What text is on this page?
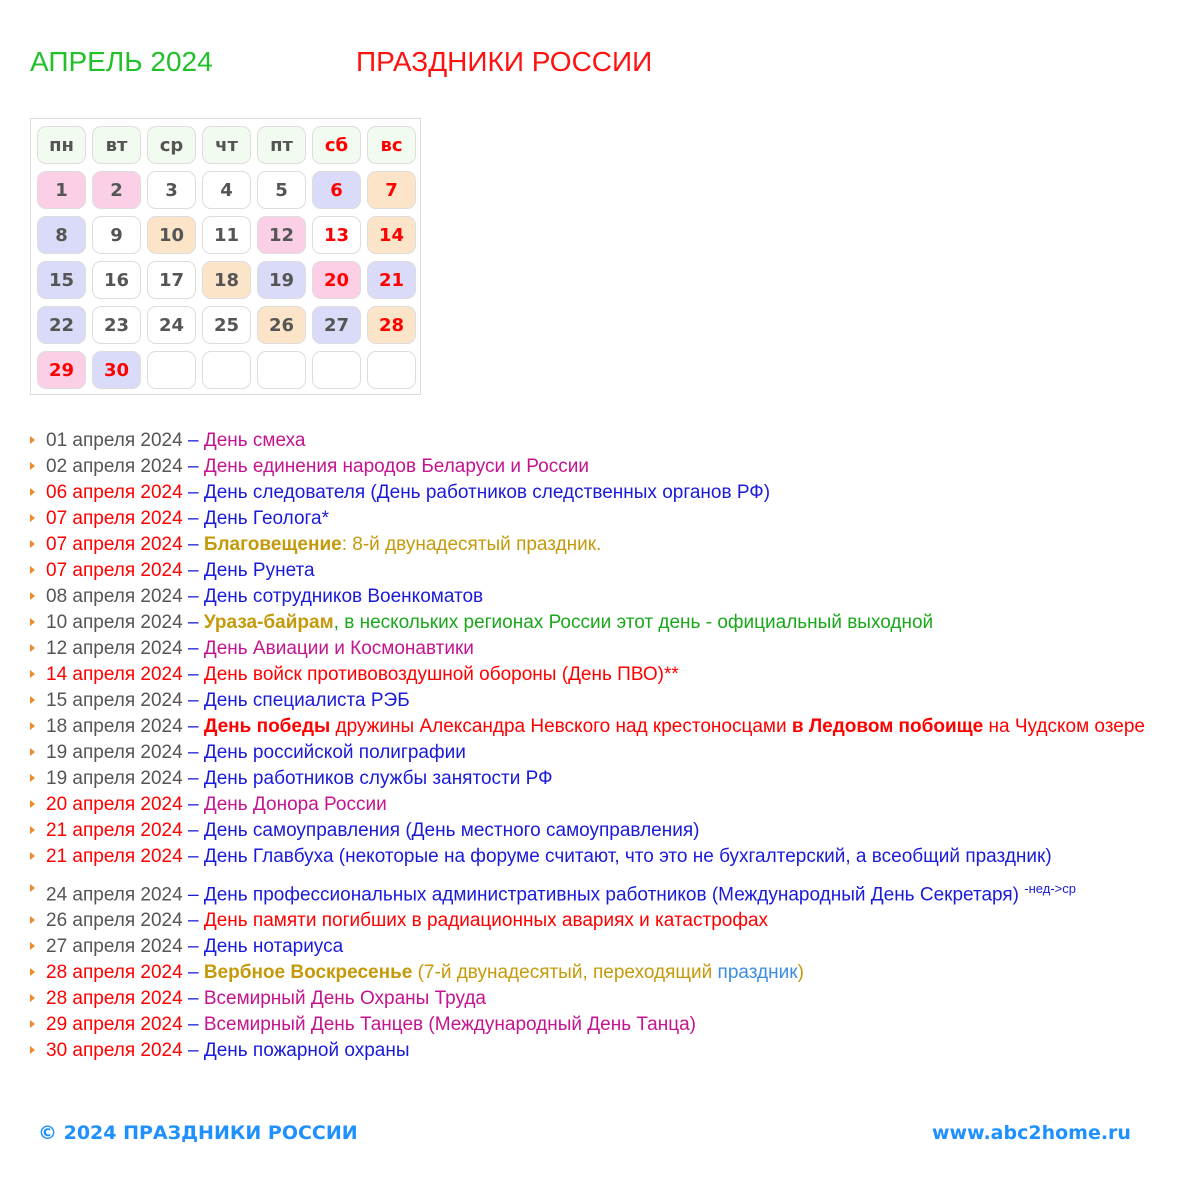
АПРЕЛЬ 2024	ПРАЗДНИКИ РОССИИ
пн	вт	ср	чт	пт	сб	вс
1	2	3	4	5	6	7
8	9	10	11	12	13	14
15	16	17	18	19	20	21
22	23	24	25	26	27	28
29	30
01 апреля 2024 – День смеха
02 апреля 2024 – День единения народов Беларуси и России
06 апреля 2024 – День следователя (День работников следственных органов РФ)
07 апреля 2024 – День Геолога*
07 апреля 2024 – Благовещение: 8-й двунадесятый праздник.
07 апреля 2024 – День Рунета
08 апреля 2024 – День сотрудников Военкоматов
10 апреля 2024 – Ураза-байрам, в нескольких регионах России этот день - официальный выходной
12 апреля 2024 – День Авиации и Космонавтики
14 апреля 2024 – День войск противовоздушной обороны (День ПВО)**
15 апреля 2024 – День специалиста РЭБ
18 апреля 2024 – День победы дружины Александра Невского над крестоносцами в Ледовом побоище на Чудском озере
19 апреля 2024 – День российской полиграфии
19 апреля 2024 – День работников службы занятости РФ
20 апреля 2024 – День Донора России
21 апреля 2024 – День самоуправления (День местного самоуправления)
21 апреля 2024 – День Главбуха (некоторые на форуме считают, что это не бухгалтерский, а всеобщий праздник)
24 апреля 2024 – День профессиональных административных работников (Международный День Секретаря) $^{-нед->ср}$
26 апреля 2024 – День памяти погибших в радиационных авариях и катастрофах
27 апреля 2024 – День нотариуса
28 апреля 2024 – Вербное Воскресенье (7-й двунадесятый, переходящий праздник)
28 апреля 2024 – Всемирный День Охраны Труда
29 апреля 2024 – Всемирный День Танцев (Международный День Танца)
30 апреля 2024 – День пожарной охраны
© 2024 ПРАЗДНИКИ РОССИИ	www.abc2home.ru
